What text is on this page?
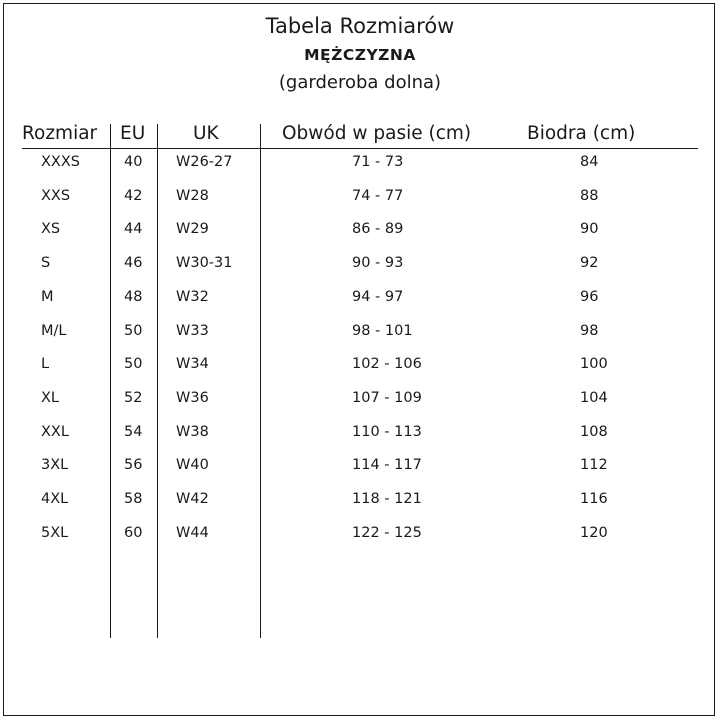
Tabela Rozmiarów
MĘŻCZYZNA
(garderoba dolna)
Rozmiar EU	UK	Obwód w pasie (cm)	Biodra (cm)
XXXS	40 W26-27	71 - 73	84
XXS	42 W28	74 - 77	88
XS	44 W29	86 - 89	90
S	46 W30-31	90 - 93	92
M	48 W32	94 - 97	96
M/L	50 W33	98 - 101	98
L	50 W34	102 - 106	100
XL	52 W36	107 - 109	104
XXL	54 W38	110 - 113	108
3XL	56 W40	114 - 117	112
4XL	58 W42	118 - 121	116
5XL	60 W44	122 - 125	120
